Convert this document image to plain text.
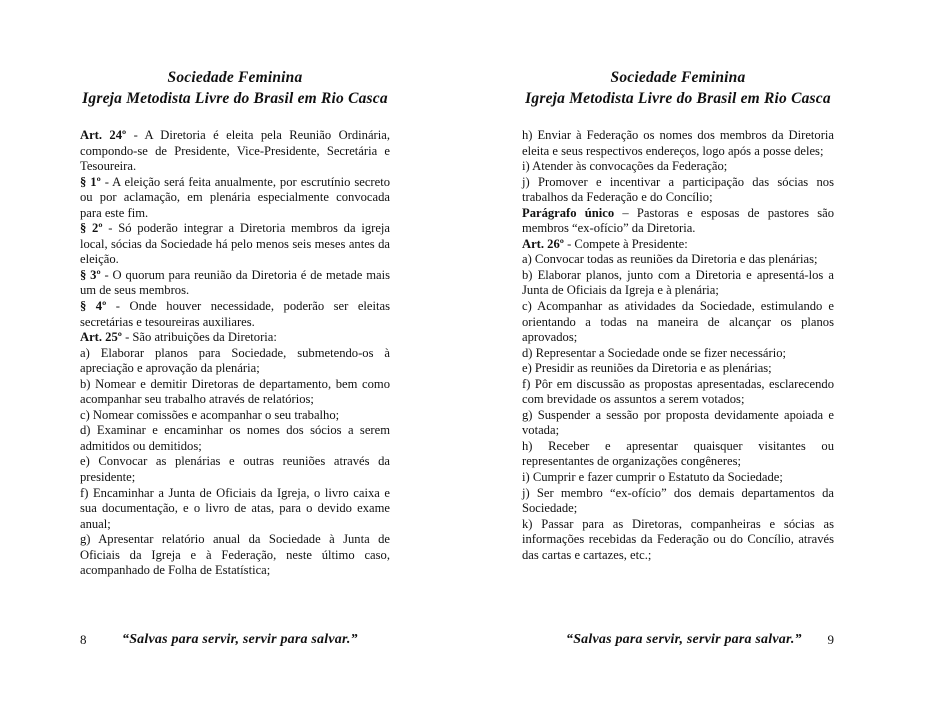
Sociedade Feminina
Igreja Metodista Livre do Brasil em Rio Casca

Art. 24º - A Diretoria é eleita pela Reunião Ordinária, compondo-se de Presidente, Vice-Presidente, Secretária e Tesoureira.

§ 1º - A eleição será feita anualmente, por escrutínio secreto ou por aclamação, em plenária especialmente convocada para este fim.

§ 2º - Só poderão integrar a Diretoria membros da igreja local, sócias da Sociedade há pelo menos seis meses antes da eleição.

§ 3º - O quorum para reunião da Diretoria é de metade mais um de seus membros.

§ 4º - Onde houver necessidade, poderão ser eleitas secretárias e tesoureiras auxiliares.

Art. 25º - São atribuições da Diretoria:

a) Elaborar planos para Sociedade, submetendo-os à apreciação e aprovação da plenária;

b) Nomear e demitir Diretoras de departamento, bem como acompanhar seu trabalho através de relatórios;

c) Nomear comissões e acompanhar o seu trabalho;

d) Examinar e encaminhar os nomes dos sócios a serem admitidos ou demitidos;

e) Convocar as plenárias e outras reuniões através da presidente;

f) Encaminhar a Junta de Oficiais da Igreja, o livro caixa e sua documentação, e o livro de atas, para o devido exame anual;

g) Apresentar relatório anual da Sociedade à Junta de Oficiais da Igreja e à Federação, neste último caso, acompanhado de Folha de Estatística;

8	“Salvas para servir, servir para salvar.”
Sociedade Feminina
Igreja Metodista Livre do Brasil em Rio Casca

h) Enviar à Federação os nomes dos membros da Diretoria eleita e seus respectivos endereços, logo após a posse deles;

i) Atender às convocações da Federação;

j) Promover e incentivar a participação das sócias nos trabalhos da Federação e do Concílio;

Parágrafo único – Pastoras e esposas de pastores são membros “ex-ofício” da Diretoria.

Art. 26º - Compete à Presidente:

a) Convocar todas as reuniões da Diretoria e das plenárias;

b) Elaborar planos, junto com a Diretoria e apresentá-los a Junta de Oficiais da Igreja e à plenária;

c) Acompanhar as atividades da Sociedade, estimulando e orientando a todas na maneira de alcançar os planos aprovados;

d) Representar a Sociedade onde se fizer necessário;

e) Presidir as reuniões da Diretoria e as plenárias;

f) Pôr em discussão as propostas apresentadas, esclarecendo com brevidade os assuntos a serem votados;

g) Suspender a sessão por proposta devidamente apoiada e votada;

h) Receber e apresentar quaisquer visitantes ou representantes de organizações congêneres;

i) Cumprir e fazer cumprir o Estatuto da Sociedade;

j) Ser membro “ex-ofício” dos demais departamentos da Sociedade;

k) Passar para as Diretoras, companheiras e sócias as informações recebidas da Federação ou do Concílio, através das cartas e cartazes, etc.;

“Salvas para servir, servir para salvar.” 9
